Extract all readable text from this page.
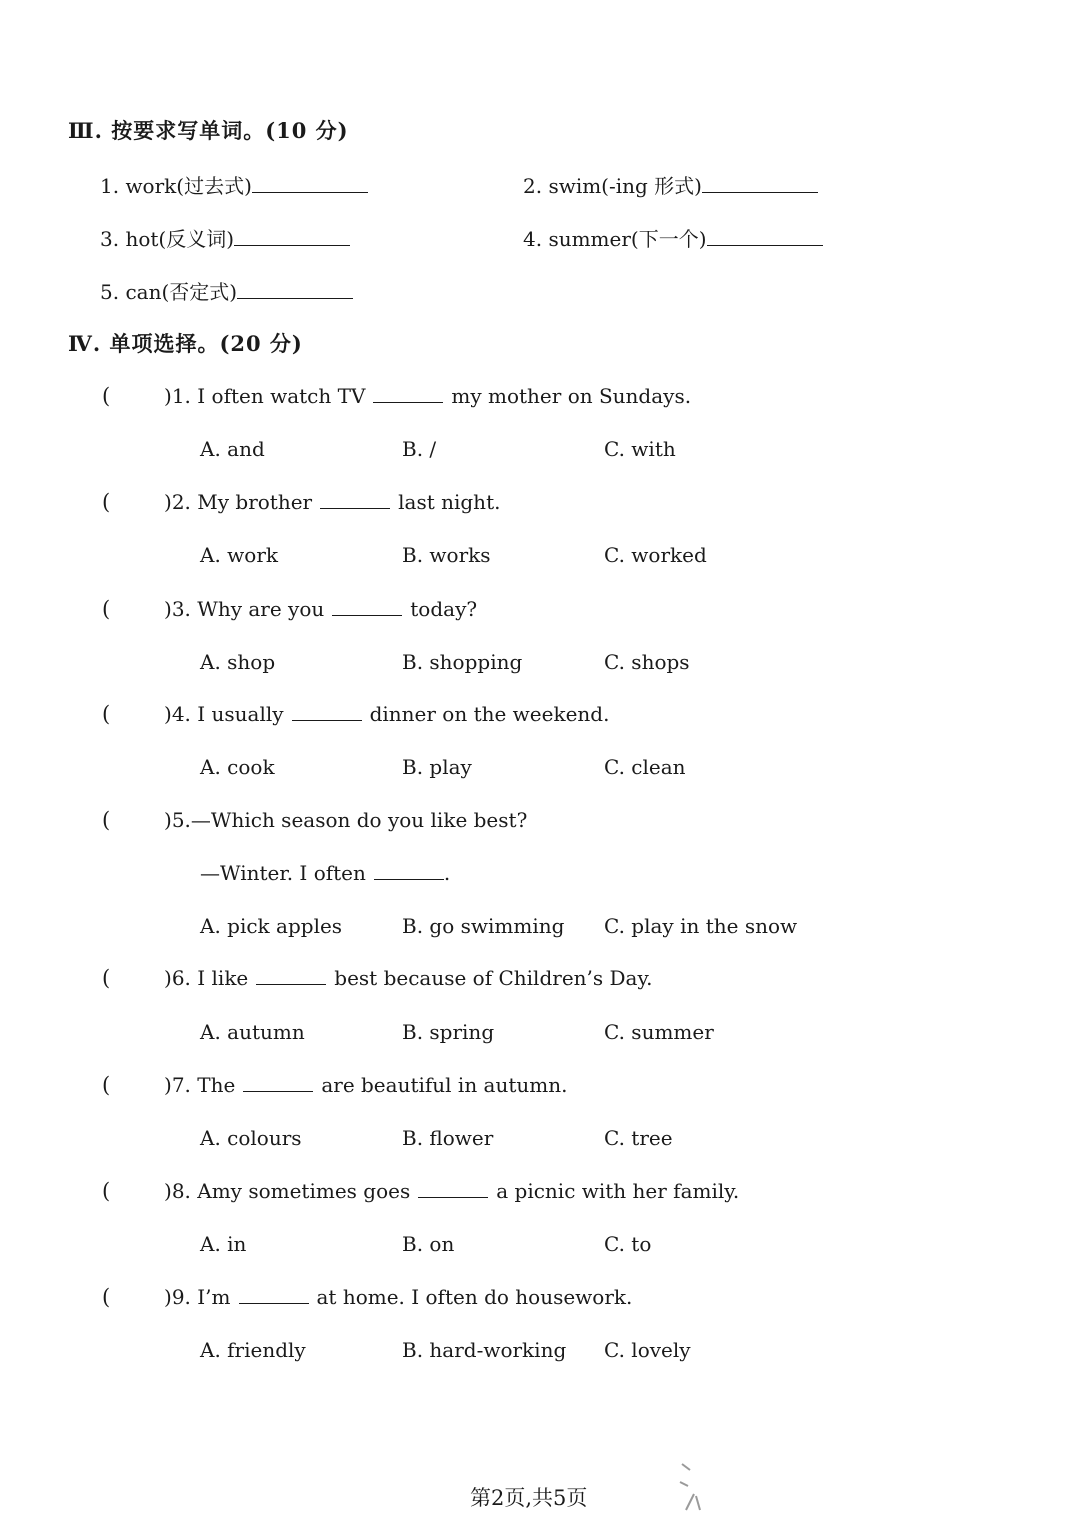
Ⅲ. 按要求写单词。(10 分)
1. work(过去式)	2. swim(-ing 形式)
3. hot(反义词)	4. summer(下一个)
5. can(否定式)
Ⅳ. 单项选择。(20 分)
(	)1. I often watch TV	my mother on Sundays.
A. and	B. /	C. with
(	)2. My brother	last night.
A. work	B. works	C. worked
(	)3. Why are you	today?
A. shop	B. shopping	C. shops
(	)4. I usually	dinner on the weekend.
A. cook	B. play	C. clean
(	)5.—Which season do you like best?
—Winter. I often	.
A. pick apples	B. go swimming C. play in the snow
(	)6. I like	best because of Children’s Day.
A. autumn	B. spring	C. summer
(	)7. The	are beautiful in autumn.
A. colours	B. flower	C. tree
(	)8. Amy sometimes goes	a picnic with her family.
A. in	B. on	C. to
(	)9. I’m	at home. I often do housework.
A. friendly	B. hard-working C. lovely
第2页,共5页
